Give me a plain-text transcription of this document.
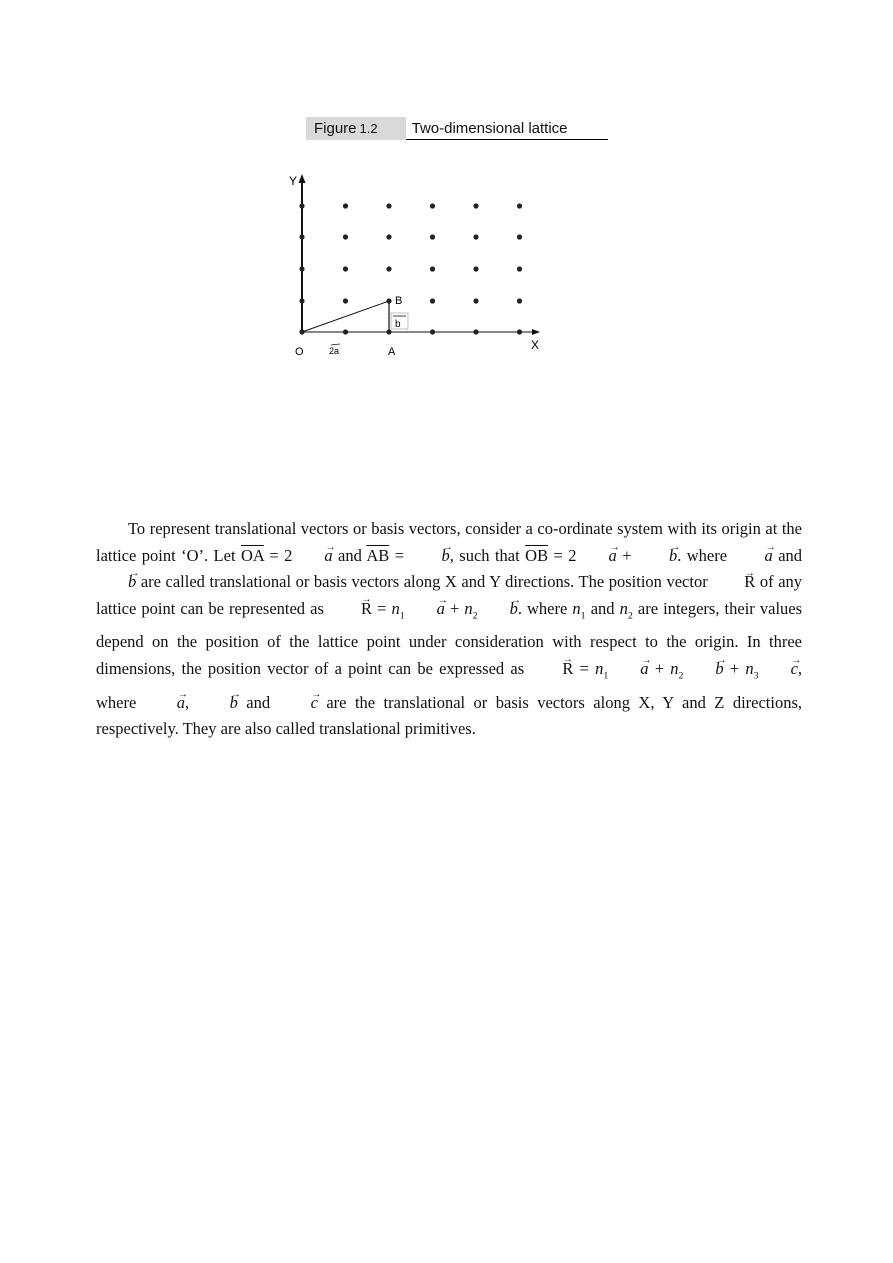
Figure 1.2	Two-dimensional lattice
Y
X
O	A
B
2a
b

To represent translational vectors or basis vectors, consider a co-ordinate system with its origin at the lattice point ‘O’. Let $\overline{OA} = 2 \to a$ and $\overline{AB}$ = → b, such that $\overline{OB} = 2 \to a$ + → b. where → a and → b are called translational or basis vectors along X and Y directions. The position vector → R of any lattice point can be represented as → $R = n_1 \to a + n_2 \to b$. where $n_1$ and $n_2$ are integers, their values depend on the position of the lattice point under consideration with respect to the origin. In three dimensions, the position vector of a point can be expressed as → $R = n_1 \to a + n_2 \to b + n_3 \to c$, where → a, → b and → c are the translational or basis vectors along X, Y and Z directions, respectively. They are also called translational primitives.
